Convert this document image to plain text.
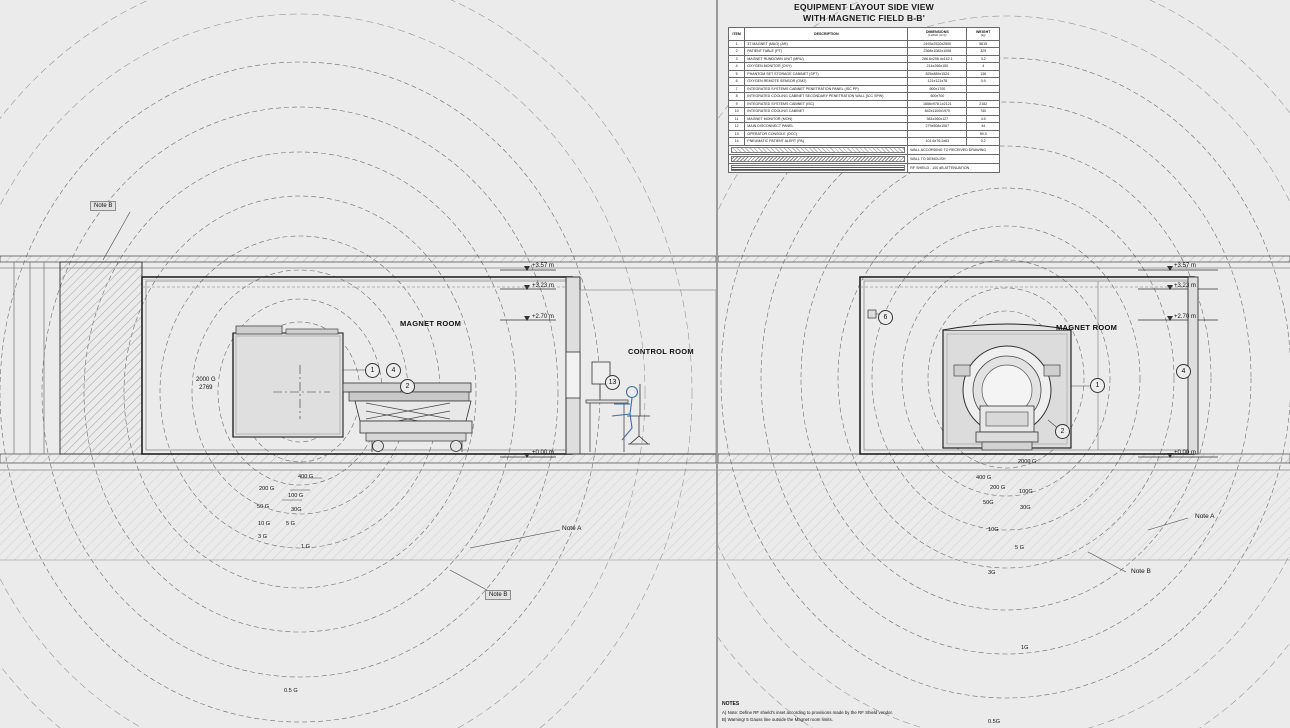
Note B
MAGNET ROOM
CONTROL ROOM
+3.57 m
+3.23 m
+2.70 m
+0.00 m
2000 G
2769
1	4
2
13
400 G
200 G
100 G
50 G	30G
10 G	5 G
3 G
1 G
0.5 G
Note A
Note B
MAGNET ROOM
+3.57 m
+3.23 m
+2.70 m
+0.00 m
6
1
4
2
2000 G
400 G
200 G
100G
50G
30G
10G
5 G
3G
1G
0.5G
Note A
Note B
EQUIPMENT LAYOUT SIDE VIEW
WITH MAGNETIC FIELD B-B'
ITEM	DESCRIPTION	DIMENSIONS
(LxWxH (mm))	WEIGHT
(kg)

1	3T MAGNET (MAG) (AR)	2493x2520x2500	5615
2	PATIENT TABLE (PT)	2368x1082x1008	329
3	MAGNET RUNDOWN UNIT (MRU)	286.6x206.4x142.1	3.2
4	OXYGEN MONITOR (OXY)	214x266x150	4
5	PHANTOM SET STORAGE CABINET (SPT)	825x889x1524	136
6	OXYGEN REMOTE SENSOR (OM2)	121x121x78	0.9
7	INTEGRATED SYSTEMS CABINET PENETRATION PANEL (ISC PP)	600x1700	
8	INTEGRATED COOLING CABINET SECONDARY PENETRATION WALL (ICC SPW)	600x700	
9	INTEGRATED SYSTEMS CABINET (ISC)	1856x978.1x2121	2152
10	INTEGRATED COOLING CABINET	842x1100x1970	740
11	MAGNET MONITOR (MON)	381x260x127	4.5
12	MAIN DISCONNECT PANEL	279x508x1067	44
13	OPERATOR CONSOLE (OCC)		59.3
14	PNEUMATIC PATIENT ALERT (PA)	101.6x76.2x63	0.2

		WALL ACCORDING TO RECEIVED DRAWING	

		WALL TO DEMOLISH	

		RF SHIELD - 100 dB ATTENUATION	
NOTES
A) Note: Define RF shield's inset according to provisions made by the RF Shield vendor.
B) Warning! 5 Gauss line outside the Magnet room limits.
